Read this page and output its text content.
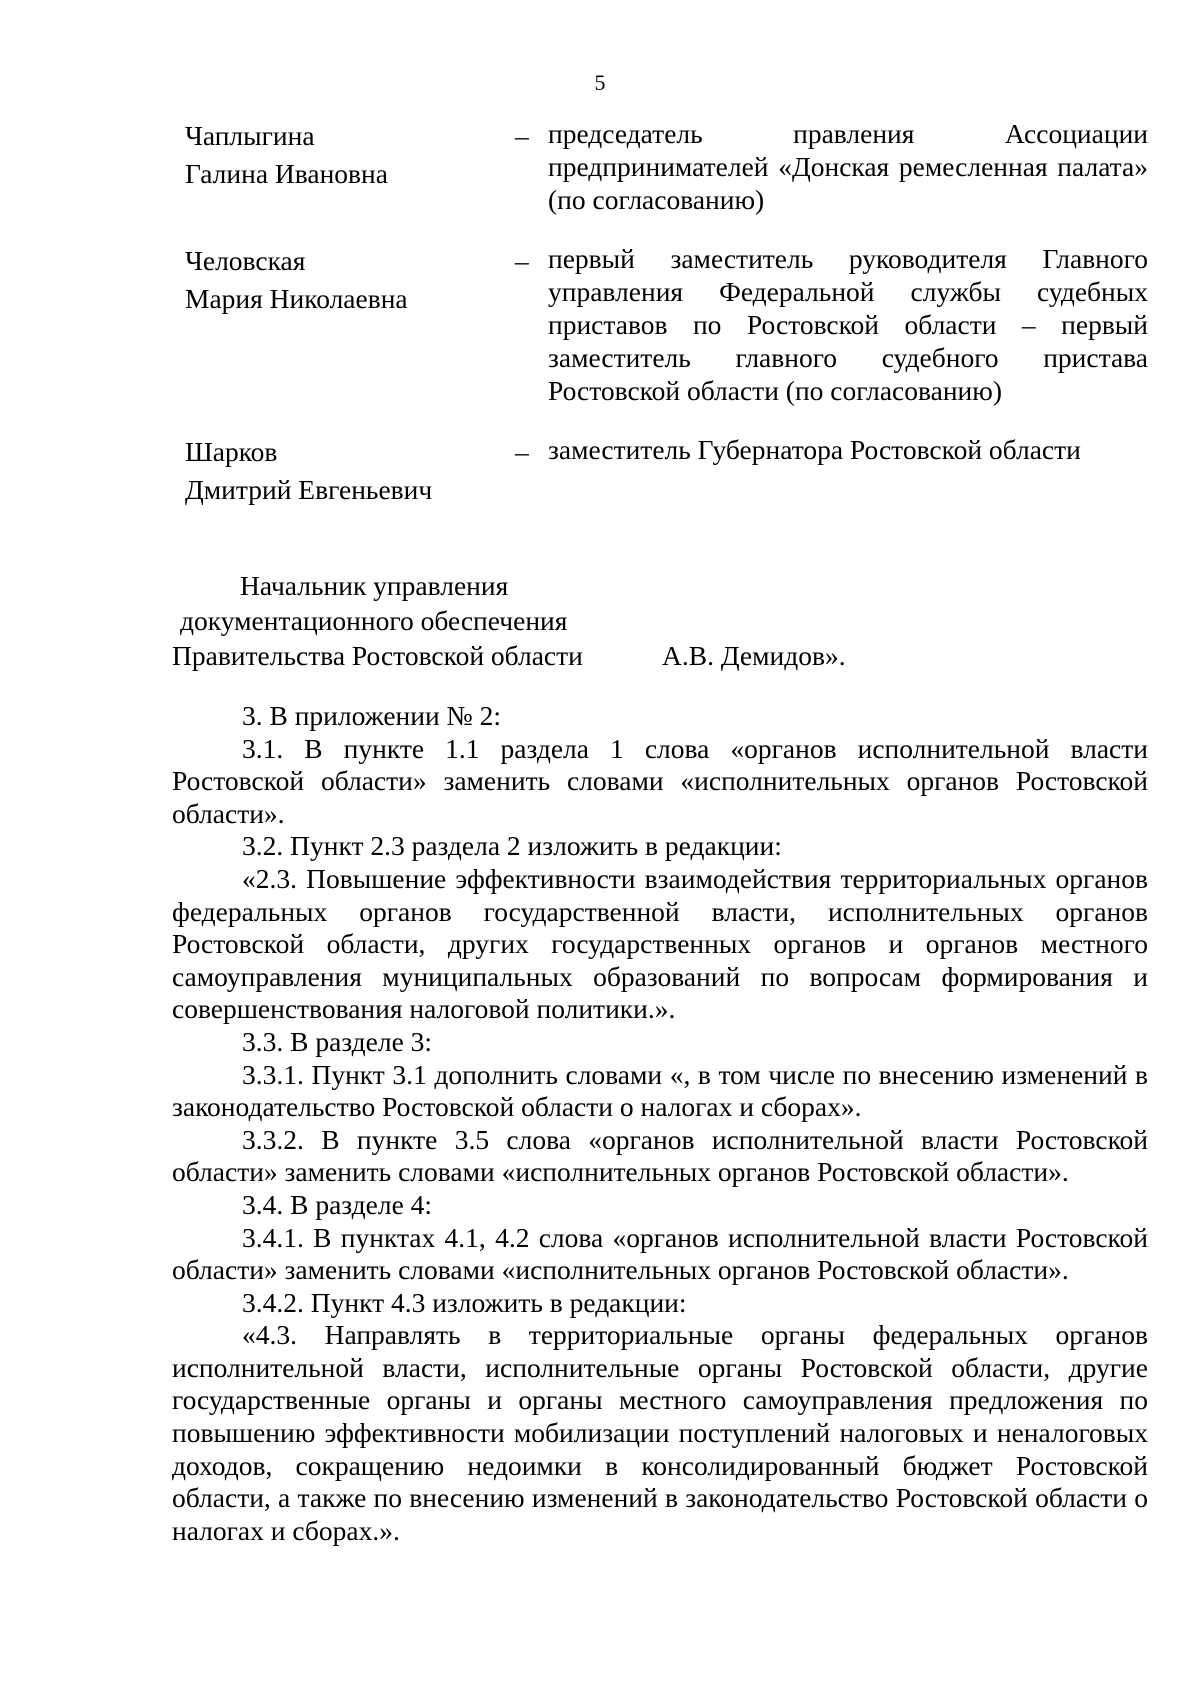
5
Чаплыгина
Галина Ивановна
– председатель правления Ассоциации предпринимателей «Донская ремесленная палата» (по согласованию)
Человская
Мария Николаевна
– первый заместитель руководителя Главного управления Федеральной службы судебных приставов по Ростовской области – первый заместитель главного судебного пристава Ростовской области (по согласованию)
Шарков
Дмитрий Евгеньевич
– заместитель Губернатора Ростовской области
Начальник управления
документационного обеспечения
Правительства Ростовской области	А.В. Демидов».

3. В приложении № 2:

3.1. В пункте 1.1 раздела 1 слова «органов исполнительной власти Ростовской области» заменить словами «исполнительных органов Ростовской области».

3.2. Пункт 2.3 раздела 2 изложить в редакции:

«2.3. Повышение эффективности взаимодействия территориальных органов федеральных органов государственной власти, исполнительных органов Ростовской области, других государственных органов и органов местного самоуправления муниципальных образований по вопросам формирования и совершенствования налоговой политики.».

3.3. В разделе 3:

3.3.1. Пункт 3.1 дополнить словами «, в том числе по внесению изменений в законодательство Ростовской области о налогах и сборах».

3.3.2. В пункте 3.5 слова «органов исполнительной власти Ростовской области» заменить словами «исполнительных органов Ростовской области».

3.4. В разделе 4:

3.4.1. В пунктах 4.1, 4.2 слова «органов исполнительной власти Ростовской области» заменить словами «исполнительных органов Ростовской области».

3.4.2. Пункт 4.3 изложить в редакции:

«4.3. Направлять в территориальные органы федеральных органов исполнительной власти, исполнительные органы Ростовской области, другие государственные органы и органы местного самоуправления предложения по повышению эффективности мобилизации поступлений налоговых и неналоговых доходов, сокращению недоимки в консолидированный бюджет Ростовской области, а также по внесению изменений в законодательство Ростовской области о налогах и сборах.».
